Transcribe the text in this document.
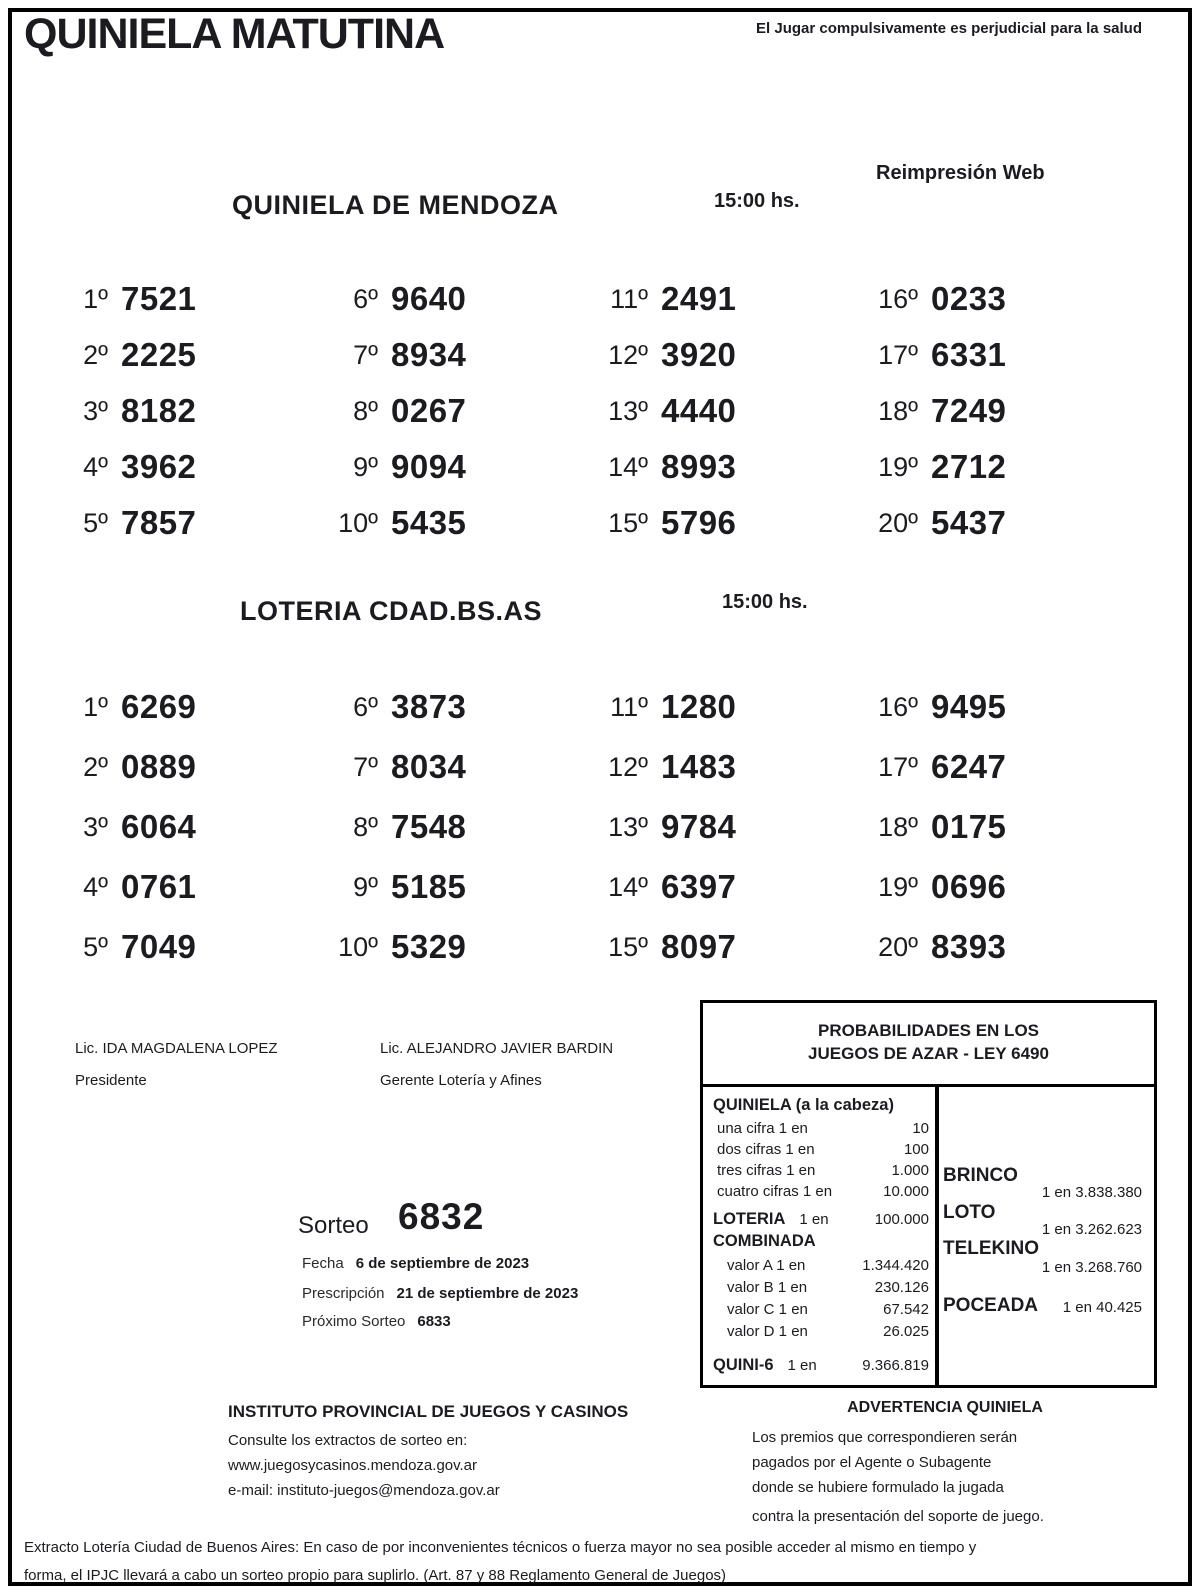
QUINIELA MATUTINA	El Jugar compulsivamente es perjudicial para la salud
Reimpresión Web
QUINIELA DE MENDOZA	15:00 hs.
1º 7521
2º 2225
3º 8182
4º 3962
5º 7857
6º 9640
7º 8934
8º 0267
9º 9094
10º 5435
11º 2491
12º 3920
13º 4440
14º 8993
15º 5796
16º 0233
17º 6331
18º 7249
19º 2712
20º 5437
LOTERIA CDAD.BS.AS	15:00 hs.
1º 6269
2º 0889
3º 6064
4º 0761
5º 7049
6º 3873
7º 8034
8º 7548
9º 5185
10º 5329
11º 1280
12º 1483
13º 9784
14º 6397
15º 8097
16º 9495
17º 6247
18º 0175
19º 0696
20º 8393
Lic. IDA MAGDALENA LOPEZ
Presidente
Lic. ALEJANDRO JAVIER BARDIN
Gerente Lotería y Afines
Sorteo 6832
Fecha 6 de septiembre de 2023
Prescripción 21 de septiembre de 2023
Próximo Sorteo 6833
PROBABILIDADES EN LOS
JUEGOS DE AZAR - LEY 6490
QUINIELA (a la cabeza)
una cifra 1 en	10
dos cifras 1 en	100
tres cifras 1 en	1.000
cuatro cifras 1 en	10.000
LOTERIA 1 en	100.000
COMBINADA
valor A 1 en	1.344.420
valor B 1 en	230.126
valor C 1 en	67.542
valor D 1 en	26.025
QUINI-6 1 en	9.366.819
BRINCO
1 en 3.838.380
LOTO
1 en 3.262.623
TELEKINO
1 en 3.268.760
POCEADA 1 en 40.425
ADVERTENCIA QUINIELA
Los premios que correspondieren serán
pagados por el Agente o Subagente
donde se hubiere formulado la jugada
contra la presentación del soporte de juego.
INSTITUTO PROVINCIAL DE JUEGOS Y CASINOS
Consulte los extractos de sorteo en:
www.juegosycasinos.mendoza.gov.ar
e-mail: instituto-juegos@mendoza.gov.ar
Extracto Lotería Ciudad de Buenos Aires: En caso de por inconvenientes técnicos o fuerza mayor no sea posible acceder al mismo en tiempo y
forma, el IPJC llevará a cabo un sorteo propio para suplirlo. (Art. 87 y 88 Reglamento General de Juegos)
